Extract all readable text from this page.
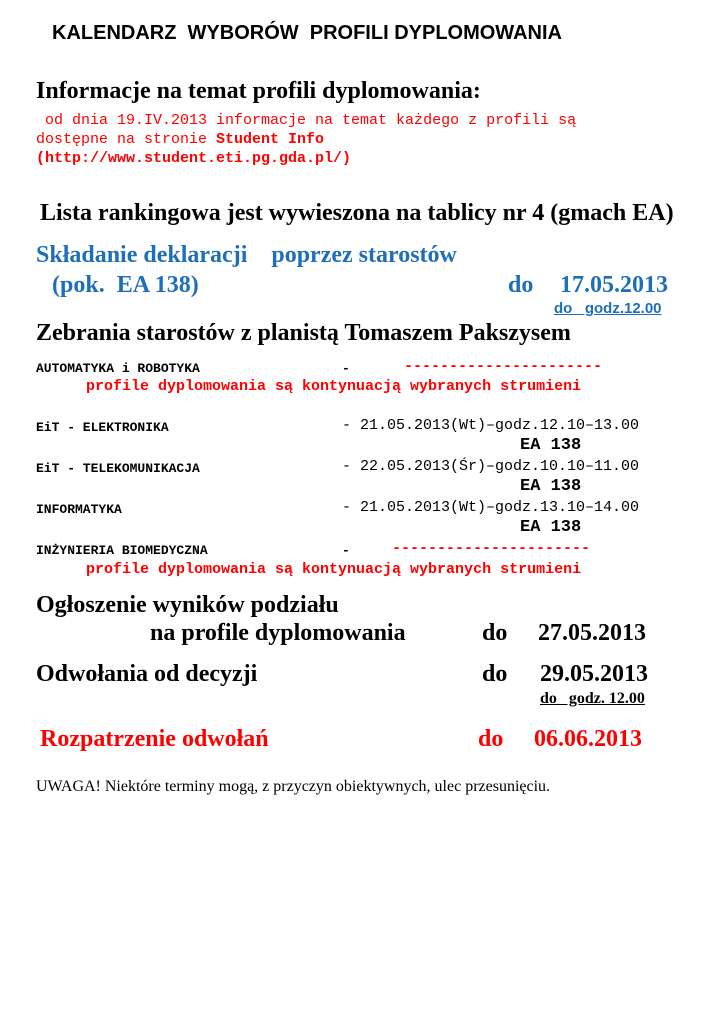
KALENDARZ  WYBORÓW  PROFILI DYPLOMOWANIA
Informacje na temat profili dyplomowania:
od dnia 19.IV.2013 informacje na temat każdego z profili są
dostępne na stronie Student Info
(http://www.student.eti.pg.gda.pl/)
Lista rankingowa jest wywieszona na tablicy nr 4 (gmach EA)
Składanie deklaracji    poprzez starostów
(pok.  EA 138)	do 17.05.2013
do   godz.12.00
Zebrania starostów z planistą Tomaszem Pakszysem
AUTOMATYKA i ROBOTYKA	-	----------------------
profile dyplomowania są kontynuacją wybranych strumieni
EiT - ELEKTRONIKA	- 21.05.2013(Wt)–godz.12.10–13.00
EA 138
EiT - TELEKOMUNIKACJA	- 22.05.2013(Śr)–godz.10.10–11.00
EA 138
INFORMATYKA	- 21.05.2013(Wt)–godz.13.10–14.00
EA 138
INŻYNIERIA BIOMEDYCZNA	-	----------------------
profile dyplomowania są kontynuacją wybranych strumieni
Ogłoszenie wyników podziału
na profile dyplomowania	do 27.05.2013
Odwołania od decyzji	do 29.05.2013
do   godz. 12.00
Rozpatrzenie odwołań	do 06.06.2013
UWAGA! Niektóre terminy mogą, z przyczyn obiektywnych, ulec przesunięciu.
